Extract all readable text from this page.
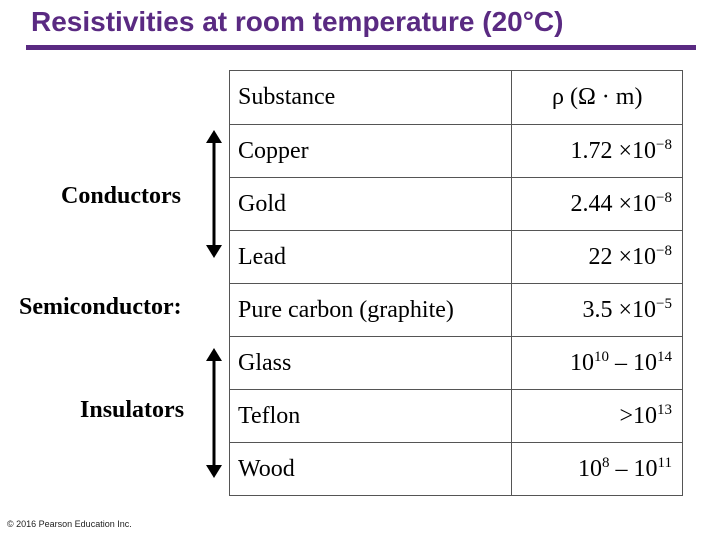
Resistivities at room temperature (20°C)
Substance	ρ (Ω · m)
Copper	$1.72 \times 10^{-8}$
Gold	$2.44 \times 10^{-8}$
Lead	$22 \times 10^{-8}$
Pure carbon (graphite)	$3.5 \times 10^{-5}$
Glass	$10^{10} - 10^{14}$
Teflon	$>10^{13}$
Wood	$10^8 - 10^{11}$
Conductors
Semiconductor:
Insulators
© 2016 Pearson Education Inc.
